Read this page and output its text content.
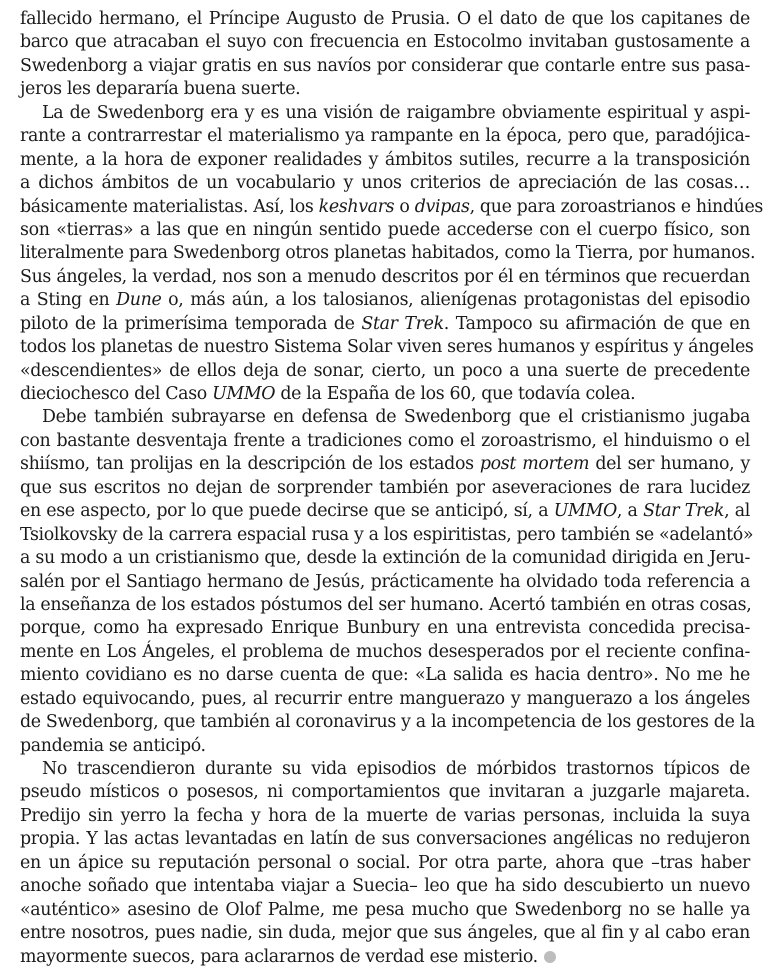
fallecido hermano, el Príncipe Augusto de Prusia. O el dato de que los capitanes de
barco que atracaban el suyo con frecuencia en Estocolmo invitaban gustosamente a
Swedenborg a viajar gratis en sus navíos por considerar que contarle entre sus pasa-
jeros les depararía buena suerte.
La de Swedenborg era y es una visión de raigambre obviamente espiritual y aspi-
rante a contrarrestar el materialismo ya rampante en la época, pero que, paradójica-
mente, a la hora de exponer realidades y ámbitos sutiles, recurre a la transposición
a dichos ámbitos de un vocabulario y unos criterios de apreciación de las cosas…
básicamente materialistas. Así, los keshvars o dvipas, que para zoroastrianos e hindúes
son «tierras» a las que en ningún sentido puede accederse con el cuerpo físico, son
literalmente para Swedenborg otros planetas habitados, como la Tierra, por humanos.
Sus ángeles, la verdad, nos son a menudo descritos por él en términos que recuerdan
a Sting en Dune o, más aún, a los talosianos, alienígenas protagonistas del episodio
piloto de la primerísima temporada de Star Trek. Tampoco su afirmación de que en
todos los planetas de nuestro Sistema Solar viven seres humanos y espíritus y ángeles
«descendientes» de ellos deja de sonar, cierto, un poco a una suerte de precedente
dieciochesco del Caso UMMO de la España de los 60, que todavía colea.
Debe también subrayarse en defensa de Swedenborg que el cristianismo jugaba
con bastante desventaja frente a tradiciones como el zoroastrismo, el hinduismo o el
shiísmo, tan prolijas en la descripción de los estados post mortem del ser humano, y
que sus escritos no dejan de sorprender también por aseveraciones de rara lucidez
en ese aspecto, por lo que puede decirse que se anticipó, sí, a UMMO, a Star Trek, al
Tsiolkovsky de la carrera espacial rusa y a los espiritistas, pero también se «adelantó»
a su modo a un cristianismo que, desde la extinción de la comunidad dirigida en Jeru-
salén por el Santiago hermano de Jesús, prácticamente ha olvidado toda referencia a
la enseñanza de los estados póstumos del ser humano. Acertó también en otras cosas,
porque, como ha expresado Enrique Bunbury en una entrevista concedida precisa-
mente en Los Ángeles, el problema de muchos desesperados por el reciente confina-
miento covidiano es no darse cuenta de que: «La salida es hacia dentro». No me he
estado equivocando, pues, al recurrir entre manguerazo y manguerazo a los ángeles
de Swedenborg, que también al coronavirus y a la incompetencia de los gestores de la
pandemia se anticipó.
No trascendieron durante su vida episodios de mórbidos trastornos típicos de
pseudo místicos o posesos, ni comportamientos que invitaran a juzgarle majareta.
Predijo sin yerro la fecha y hora de la muerte de varias personas, incluida la suya
propia. Y las actas levantadas en latín de sus conversaciones angélicas no redujeron
en un ápice su reputación personal o social. Por otra parte, ahora que –tras haber
anoche soñado que intentaba viajar a Suecia– leo que ha sido descubierto un nuevo
«auténtico» asesino de Olof Palme, me pesa mucho que Swedenborg no se halle ya
entre nosotros, pues nadie, sin duda, mejor que sus ángeles, que al fin y al cabo eran
mayormente suecos, para aclararnos de verdad ese misterio.
